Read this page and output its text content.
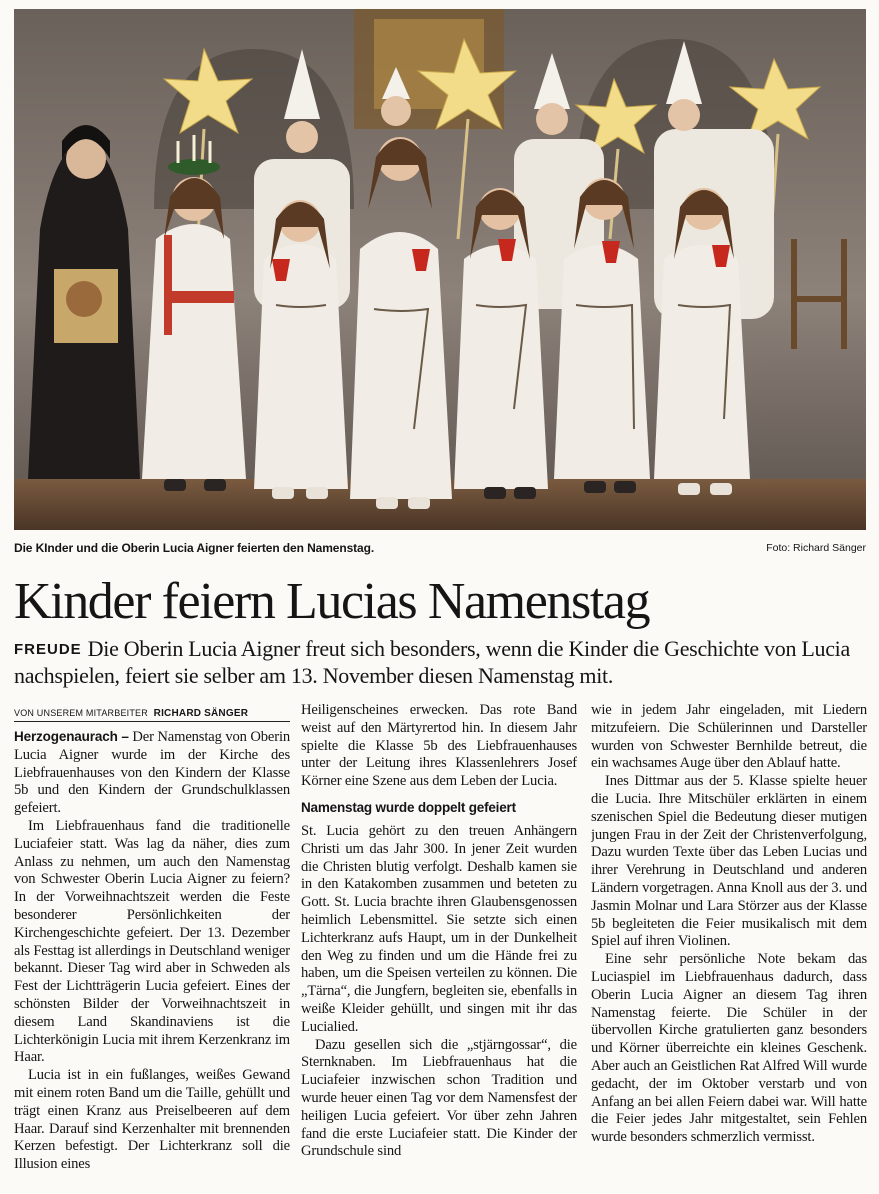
Die KInder und die Oberin Lucia Aigner feierten den Namenstag.	Foto: Richard Sänger
Kinder feiern Lucias Namenstag
FREUDE Die Oberin Lucia Aigner freut sich besonders, wenn die Kinder die Geschichte von Lucia nachspielen, feiert sie selber am 13. November diesen Namenstag mit.
VON UNSEREM MITARBEITER RICHARD SÄNGER

Herzogenaurach – Der Namenstag von Oberin Lucia Aigner wurde im der Kirche des Liebfrauenhauses von den Kindern der Klasse 5b und den Kindern der Grundschulklassen gefeiert.

Im Liebfrauenhaus fand die traditionelle Luciafeier statt. Was lag da näher, dies zum Anlass zu nehmen, um auch den Namenstag von Schwester Oberin Lucia Aigner zu feiern? In der Vorweihnachtszeit werden die Feste besonderer Persönlichkeiten der Kirchengeschichte gefeiert. Der 13. Dezember als Festtag ist allerdings in Deutschland weniger bekannt. Dieser Tag wird aber in Schweden als Fest der Lichtträgerin Lucia gefeiert. Eines der schönsten Bilder der Vorweihnachtszeit in diesem Land Skandinaviens ist die Lichterkönigin Lucia mit ihrem Kerzenkranz im Haar.

Lucia ist in ein fußlanges, weißes Gewand mit einem roten Band um die Taille, gehüllt und trägt einen Kranz aus Preiselbeeren auf dem Haar. Darauf sind Kerzenhalter mit brennenden Kerzen befestigt. Der Lichterkranz soll die Illusion eines

Heiligenscheines erwecken. Das rote Band weist auf den Märtyrertod hin. In diesem Jahr spielte die Klasse 5b des Liebfrauenhauses unter der Leitung ihres Klassenlehrers Josef Körner eine Szene aus dem Leben der Lucia.

Namenstag wurde doppelt gefeiert

St. Lucia gehört zu den treuen Anhängern Christi um das Jahr 300. In jener Zeit wurden die Christen blutig verfolgt. Deshalb kamen sie in den Katakomben zusammen und beteten zu Gott. St. Lucia brachte ihren Glaubensgenossen heimlich Lebensmittel. Sie setzte sich einen Lichterkranz aufs Haupt, um in der Dunkelheit den Weg zu finden und um die Hände frei zu haben, um die Speisen verteilen zu können. Die „Tärna“, die Jungfern, begleiten sie, ebenfalls in weiße Kleider gehüllt, und singen mit ihr das Lucialied.

Dazu gesellen sich die „stjärngossar“, die Sternknaben. Im Liebfrauenhaus hat die Luciafeier inzwischen schon Tradition und wurde heuer einen Tag vor dem Namensfest der heiligen Lucia gefeiert. Vor über zehn Jahren fand die erste Luciafeier statt. Die Kinder der Grundschule sind

wie in jedem Jahr eingeladen, mit Liedern mitzufeiern. Die Schülerinnen und Darsteller wurden von Schwester Bernhilde betreut, die ein wachsames Auge über den Ablauf hatte.

Ines Dittmar aus der 5. Klasse spielte heuer die Lucia. Ihre Mitschüler erklärten in einem szenischen Spiel die Bedeutung dieser mutigen jungen Frau in der Zeit der Christenverfolgung, Dazu wurden Texte über das Leben Lucias und ihrer Verehrung in Deutschland und anderen Ländern vorgetragen. Anna Knoll aus der 3. und Jasmin Molnar und Lara Störzer aus der Klasse 5b begleiteten die Feier musikalisch mit dem Spiel auf ihren Violinen.

Eine sehr persönliche Note bekam das Luciaspiel im Liebfrauenhaus dadurch, dass Oberin Lucia Aigner an diesem Tag ihren Namenstag feierte. Die Schüler in der übervollen Kirche gratulierten ganz besonders und Körner überreichte ein kleines Geschenk. Aber auch an Geistlichen Rat Alfred Will wurde gedacht, der im Oktober verstarb und von Anfang an bei allen Feiern dabei war. Will hatte die Feier jedes Jahr mitgestaltet, sein Fehlen wurde besonders schmerzlich vermisst.
